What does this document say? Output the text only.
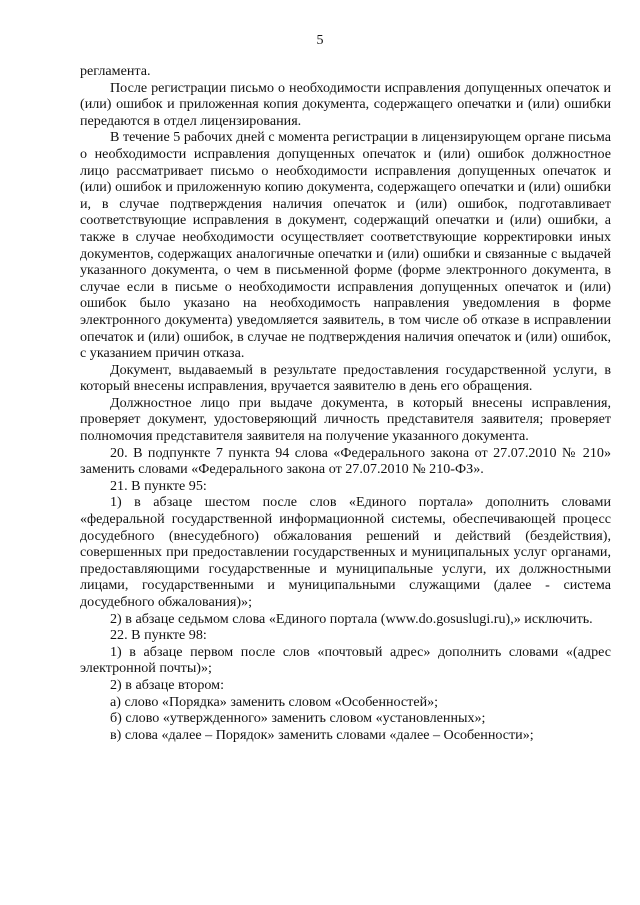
5

регламента.

После регистрации письмо о необходимости исправления допущенных опечаток и (или) ошибок и приложенная копия документа, содержащего опечатки и (или) ошибки передаются в отдел лицензирования.

В течение 5 рабочих дней с момента регистрации в лицензирующем органе письма о необходимости исправления допущенных опечаток и (или) ошибок должностное лицо рассматривает письмо о необходимости исправления допущенных опечаток и (или) ошибок и приложенную копию документа, содержащего опечатки и (или) ошибки и, в случае подтверждения наличия опечаток и (или) ошибок, подготавливает соответствующие исправления в документ, содержащий опечатки и (или) ошибки, а также в случае необходимости осуществляет соответствующие корректировки иных документов, содержащих аналогичные опечатки и (или) ошибки и связанные с выдачей указанного документа, о чем в письменной форме (форме электронного документа, в случае если в письме о необходимости исправления допущенных опечаток и (или) ошибок было указано на необходимость направления уведомления в форме электронного документа) уведомляется заявитель, в том числе об отказе в исправлении опечаток и (или) ошибок, в случае не подтверждения наличия опечаток и (или) ошибок, с указанием причин отказа.

Документ, выдаваемый в результате предоставления государственной услуги, в который внесены исправления, вручается заявителю в день его обращения.

Должностное лицо при выдаче документа, в который внесены исправления, проверяет документ, удостоверяющий личность представителя заявителя; проверяет полномочия представителя заявителя на получение указанного документа.

20. В подпункте 7 пункта 94 слова «Федерального закона от 27.07.2010 № 210» заменить словами «Федерального закона от 27.07.2010 № 210-ФЗ».

21. В пункте 95:

1) в абзаце шестом после слов «Единого портала» дополнить словами «федеральной государственной информационной системы, обеспечивающей процесс досудебного (внесудебного) обжалования решений и действий (бездействия), совершенных при предоставлении государственных и муниципальных услуг органами, предоставляющими государственные и муниципальные услуги, их должностными лицами, государственными и муниципальными служащими (далее - система досудебного обжалования)»;

2) в абзаце седьмом слова «Единого портала (www.do.gosuslugi.ru),» исключить.

22. В пункте 98:

1) в абзаце первом после слов «почтовый адрес» дополнить словами «(адрес электронной почты)»;

2) в абзаце втором:

а) слово «Порядка» заменить словом «Особенностей»;

б) слово «утвержденного» заменить словом «установленных»;

в) слова «далее – Порядок» заменить словами «далее – Особенности»;
